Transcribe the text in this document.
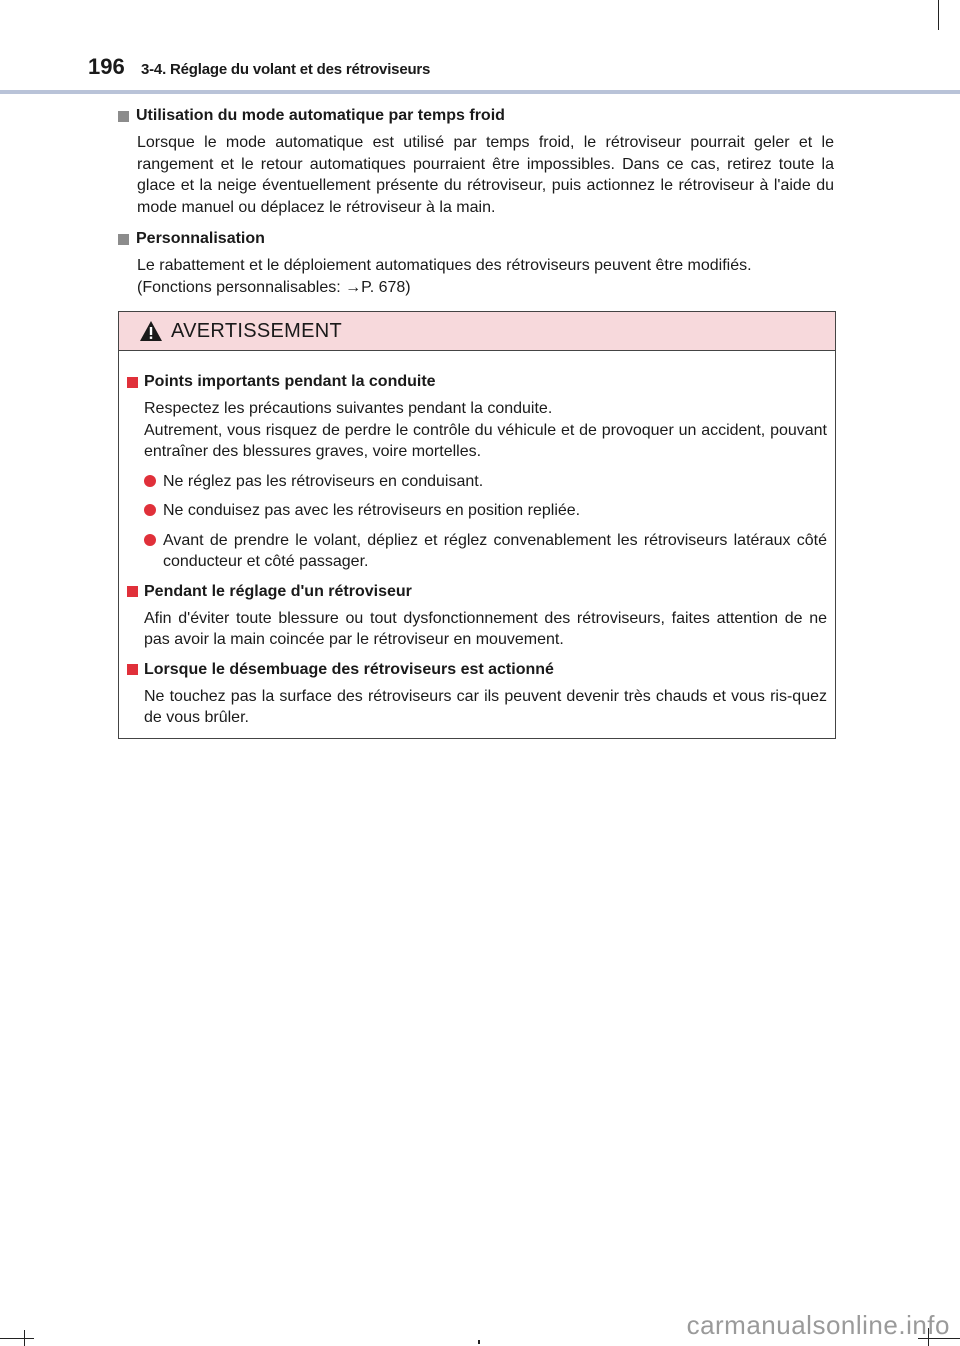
196 3-4. Réglage du volant et des rétroviseurs
Utilisation du mode automatique par temps froid

Lorsque le mode automatique est utilisé par temps froid, le rétroviseur pourrait geler et le rangement et le retour automatiques pourraient être impossibles. Dans ce cas, retirez toute la glace et la neige éventuellement présente du rétroviseur, puis actionnez le rétroviseur à l'aide du mode manuel ou déplacez le rétroviseur à la main.

Personnalisation

Le rabattement et le déploiement automatiques des rétroviseurs peuvent être modifiés.

(Fonctions personnalisables: →P. 678)

AVERTISSEMENT
Points importants pendant la conduite

Respectez les précautions suivantes pendant la conduite.

Autrement, vous risquez de perdre le contrôle du véhicule et de provoquer un accident, pouvant entraîner des blessures graves, voire mortelles.

Ne réglez pas les rétroviseurs en conduisant.
Ne conduisez pas avec les rétroviseurs en position repliée.
Avant de prendre le volant, dépliez et réglez convenablement les rétroviseurs latéraux côté conducteur et côté passager.
Pendant le réglage d'un rétroviseur

Afin d'éviter toute blessure ou tout dysfonctionnement des rétroviseurs, faites attention de ne pas avoir la main coincée par le rétroviseur en mouvement.

Lorsque le désembuage des rétroviseurs est actionné

Ne touchez pas la surface des rétroviseurs car ils peuvent devenir très chauds et vous ris-quez de vous brûler.

carmanualsonline.info
